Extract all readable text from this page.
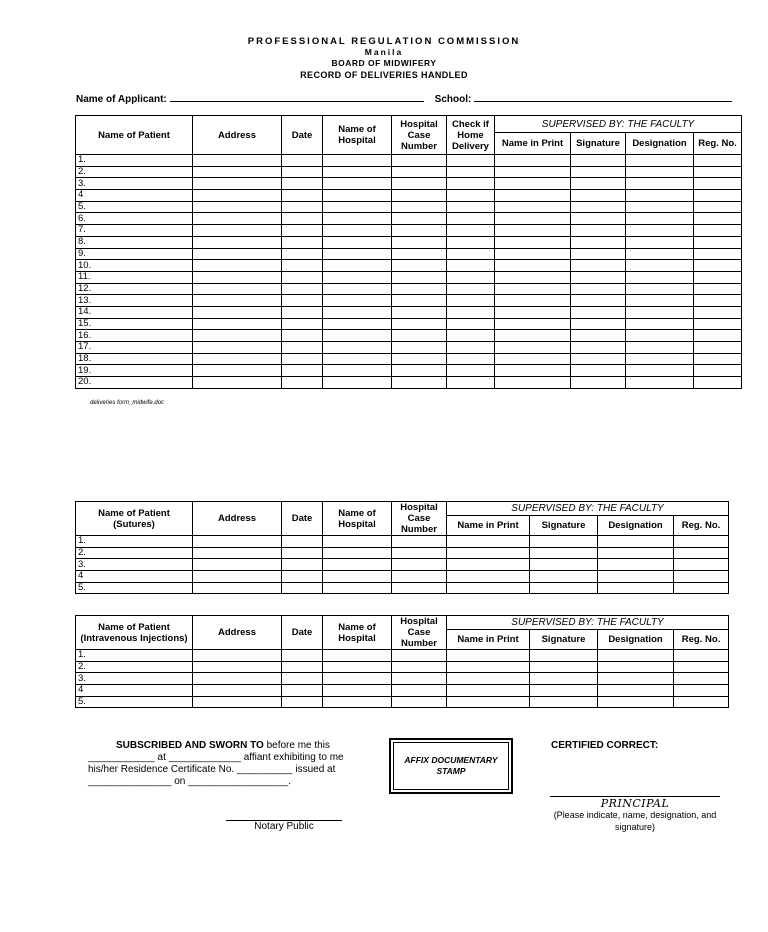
PROFESSIONAL REGULATION COMMISSION
Manila
BOARD OF MIDWIFERY
RECORD OF DELIVERIES HANDLED
Name of Applicant:	School:
Name of Patient	Address	Date	Name of Hospital	Hospital Case Number	Check if Home Delivery	SUPERVISED BY: THE FACULTY			
						Name in Print	Signature	Designation	Reg. No.
1.									
2.									
3.									
4									
5.									
6.									
7.									
8.									
9.									
10.									
11.									
12.									
13.									
14.									
15.									
16.									
17.									
18.									
19.									
20.									
deliveries form_midwife.doc
Name of Patient (Sutures)	Address	Date	Name of Hospital	Hospital Case Number	SUPERVISED BY: THE FACULTY			
					Name in Print	Signature	Designation	Reg. No.
1.								
2.								
3.								
4								
5.								
Name of Patient (Intravenous Injections)	Address	Date	Name of Hospital	Hospital Case Number	SUPERVISED BY: THE FACULTY			
					Name in Print	Signature	Designation	Reg. No.
1.								
2.								
3.								
4								
5.								
SUBSCRIBED AND SWORN TO before me this
____________ at _____________ affiant exhibiting to me
his/her Residence Certificate No. __________ issued at
_______________ on __________________.
Notary Public
AFFIX DOCUMENTARY STAMP
CERTIFIED CORRECT:
PRINCIPAL
(Please indicate, name, designation, and signature)
